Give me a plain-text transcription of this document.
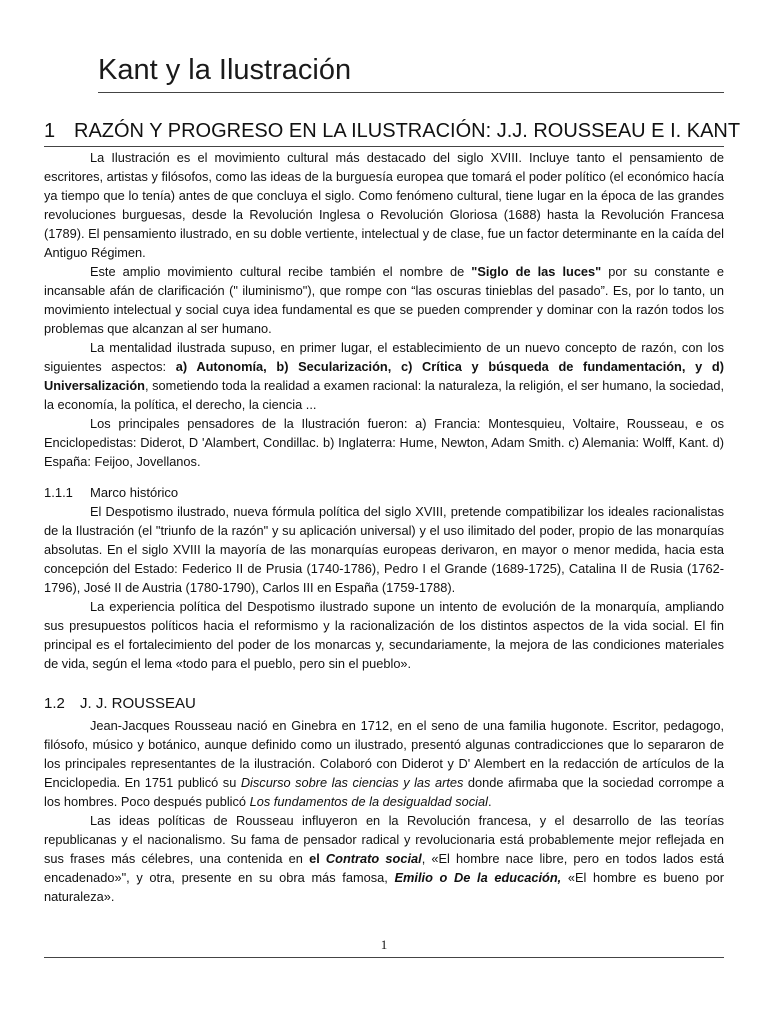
Kant y la Ilustración
1 RAZÓN Y PROGRESO EN LA ILUSTRACIÓN: J.J. ROUSSEAU E I. KANT

La Ilustración es el movimiento cultural más destacado del siglo XVIII. Incluye tanto el pensamiento de escritores, artistas y filósofos, como las ideas de la burguesía europea que tomará el poder político (el económico hacía ya tiempo que lo tenía) antes de que concluya el siglo. Como fenómeno cultural, tiene lugar en la época de las grandes revoluciones burguesas, desde la Revolución Inglesa o Revolución Gloriosa (1688) hasta la Revolución Francesa (1789). El pensamiento ilustrado, en su doble vertiente, intelectual y de clase, fue un factor determinante en la caída del Antiguo Régimen.

Este amplio movimiento cultural recibe también el nombre de "Siglo de las luces" por su constante e incansable afán de clarificación (" iluminismo"), que rompe con “las oscuras tinieblas del pasado”. Es, por lo tanto, un movimiento intelectual y social cuya idea fundamental es que se pueden comprender y dominar con la razón todos los problemas que alcanzan al ser humano.

La mentalidad ilustrada supuso, en primer lugar, el establecimiento de un nuevo concepto de razón, con los siguientes aspectos: a) Autonomía, b) Secularización, c) Crítica y búsqueda de fundamentación, y d) Universalización, sometiendo toda la realidad a examen racional: la naturaleza, la religión, el ser humano, la sociedad, la economía, la política, el derecho, la ciencia ...

Los principales pensadores de la Ilustración fueron: a) Francia: Montesquieu, Voltaire, Rousseau, e os Enciclopedistas: Diderot, D 'Alambert, Condillac. b) Inglaterra: Hume, Newton, Adam Smith. c) Alemania: Wolff, Kant. d) España: Feijoo, Jovellanos.

1.1.1 Marco histórico

El Despotismo ilustrado, nueva fórmula política del siglo XVIII, pretende compatibilizar los ideales racionalistas de la Ilustración (el "triunfo de la razón" y su aplicación universal) y el uso ilimitado del poder, propio de las monarquías absolutas. En el siglo XVIII la mayoría de las monarquías europeas derivaron, en mayor o menor medida, hacia esta concepción del Estado: Federico II de Prusia (1740-1786), Pedro I el Grande (1689-1725), Catalina II de Rusia (1762-1796), José II de Austria (1780-1790), Carlos III en España (1759-1788).

La experiencia política del Despotismo ilustrado supone un intento de evolución de la monarquía, ampliando sus presupuestos políticos hacia el reformismo y la racionalización de los distintos aspectos de la vida social. El fin principal es el fortalecimiento del poder de los monarcas y, secundariamente, la mejora de las condiciones materiales de vida, según el lema «todo para el pueblo, pero sin el pueblo».

1.2 J. J. ROUSSEAU

Jean-Jacques Rousseau nació en Ginebra en 1712, en el seno de una familia hugonote. Escritor, pedagogo, filósofo, músico y botánico, aunque definido como un ilustrado, presentó algunas contradicciones que lo separaron de los principales representantes de la ilustración. Colaboró con Diderot y D' Alembert en la redacción de artículos de la Enciclopedia. En 1751 publicó su Discurso sobre las ciencias y las artes donde afirmaba que la sociedad corrompe a los hombres. Poco después publicó Los fundamentos de la desigualdad social.

Las ideas políticas de Rousseau influyeron en la Revolución francesa, y el desarrollo de las teorías republicanas y el nacionalismo. Su fama de pensador radical y revolucionaria está probablemente mejor reflejada en sus frases más célebres, una contenida en el Contrato social, «El hombre nace libre, pero en todos lados está encadenado»", y otra, presente en su obra más famosa, Emilio o De la educación, «El hombre es bueno por naturaleza».

1
